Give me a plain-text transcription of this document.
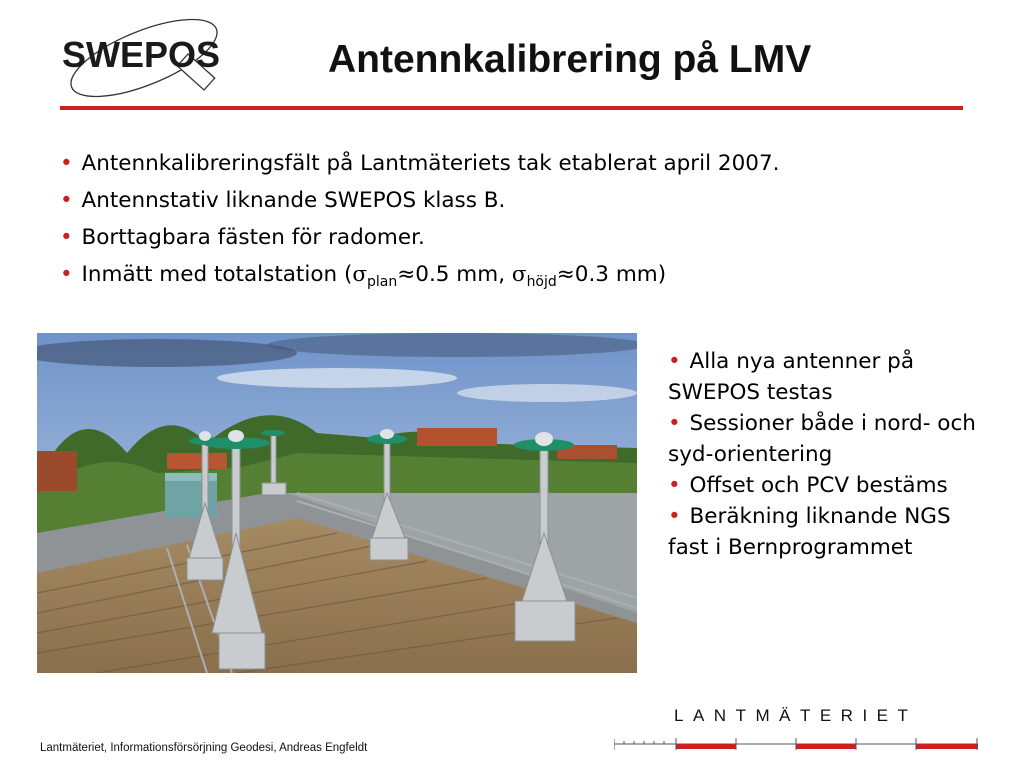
SWEPOS	Antennkalibrering på LMV
• Antennkalibreringsfält på Lantmäteriets tak etablerat april 2007.
• Antennstativ liknande SWEPOS klass B.
• Borttagbara fästen för radomer.
• Inmätt med totalstation ($\sigma_{plan}\approx 0.5$ mm, $\sigma_{höjd}\approx 0.3$ mm)
• Alla nya antenner på SWEPOS testas
• Sessioner både i nord- och syd-orientering
• Offset och PCV bestäms
• Beräkning liknande NGS fast i Bernprogrammet
Lantmäteriet, Informationsförsörjning Geodesi, Andreas Engfeldt
LANTMÄTERIET
